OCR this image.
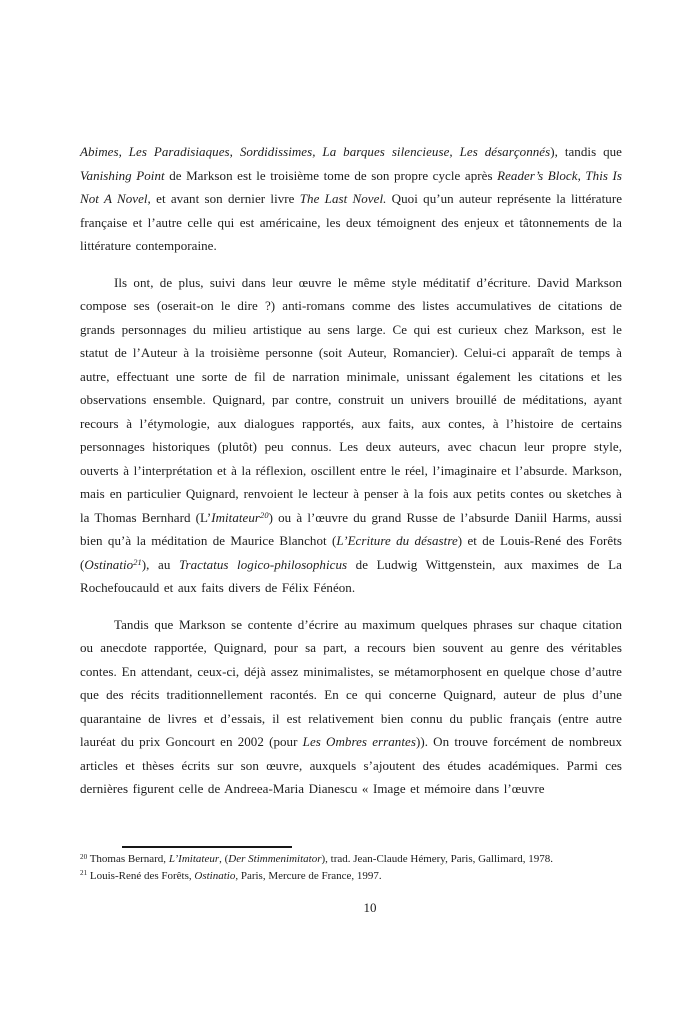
Abimes, Les Paradisiaques, Sordidissimes, La barques silencieuse, Les désarçonnés), tandis que Vanishing Point de Markson est le troisième tome de son propre cycle après Reader’s Block, This Is Not A Novel, et avant son dernier livre The Last Novel. Quoi qu’un auteur représente la littérature française et l’autre celle qui est américaine, les deux témoignent des enjeux et tâtonnements de la littérature contemporaine.

Ils ont, de plus, suivi dans leur œuvre le même style méditatif d’écriture. David Markson compose ses (oserait-on le dire ?) anti-romans comme des listes accumulatives de citations de grands personnages du milieu artistique au sens large. Ce qui est curieux chez Markson, est le statut de l’Auteur à la troisième personne (soit Auteur, Romancier). Celui-ci apparaît de temps à autre, effectuant une sorte de fil de narration minimale, unissant également les citations et les observations ensemble. Quignard, par contre, construit un univers brouillé de méditations, ayant recours à l’étymologie, aux dialogues rapportés, aux faits, aux contes, à l’histoire de certains personnages historiques (plutôt) peu connus. Les deux auteurs, avec chacun leur propre style, ouverts à l’interprétation et à la réflexion, oscillent entre le réel, l’imaginaire et l’absurde. Markson, mais en particulier Quignard, renvoient le lecteur à penser à la fois aux petits contes ou sketches à la Thomas Bernhard (L’Imitateur$^{20}$) ou à l’œuvre du grand Russe de l’absurde Daniil Harms, aussi bien qu’à la méditation de Maurice Blanchot (L’Ecriture du désastre) et de Louis-René des Forêts (Ostinatio$^{21}$), au Tractatus logico-philosophicus de Ludwig Wittgenstein, aux maximes de La Rochefoucauld et aux faits divers de Félix Fénéon.

Tandis que Markson se contente d’écrire au maximum quelques phrases sur chaque citation ou anecdote rapportée, Quignard, pour sa part, a recours bien souvent au genre des véritables contes. En attendant, ceux-ci, déjà assez minimalistes, se métamorphosent en quelque chose d’autre que des récits traditionnellement racontés. En ce qui concerne Quignard, auteur de plus d’une quarantaine de livres et d’essais, il est relativement bien connu du public français (entre autre lauréat du prix Goncourt en 2002 (pour Les Ombres errantes)). On trouve forcément de nombreux articles et thèses écrits sur son œuvre, auxquels s’ajoutent des études académiques. Parmi ces dernières figurent celle de Andreea-Maria Dianescu « Image et mémoire dans l’œuvre

$^{20}$ Thomas Bernard, L’Imitateur, (Der Stimmenimitator), trad. Jean-Claude Hémery, Paris, Gallimard, 1978.
$^{21}$ Louis-René des Forêts, Ostinatio, Paris, Mercure de France, 1997.
10
